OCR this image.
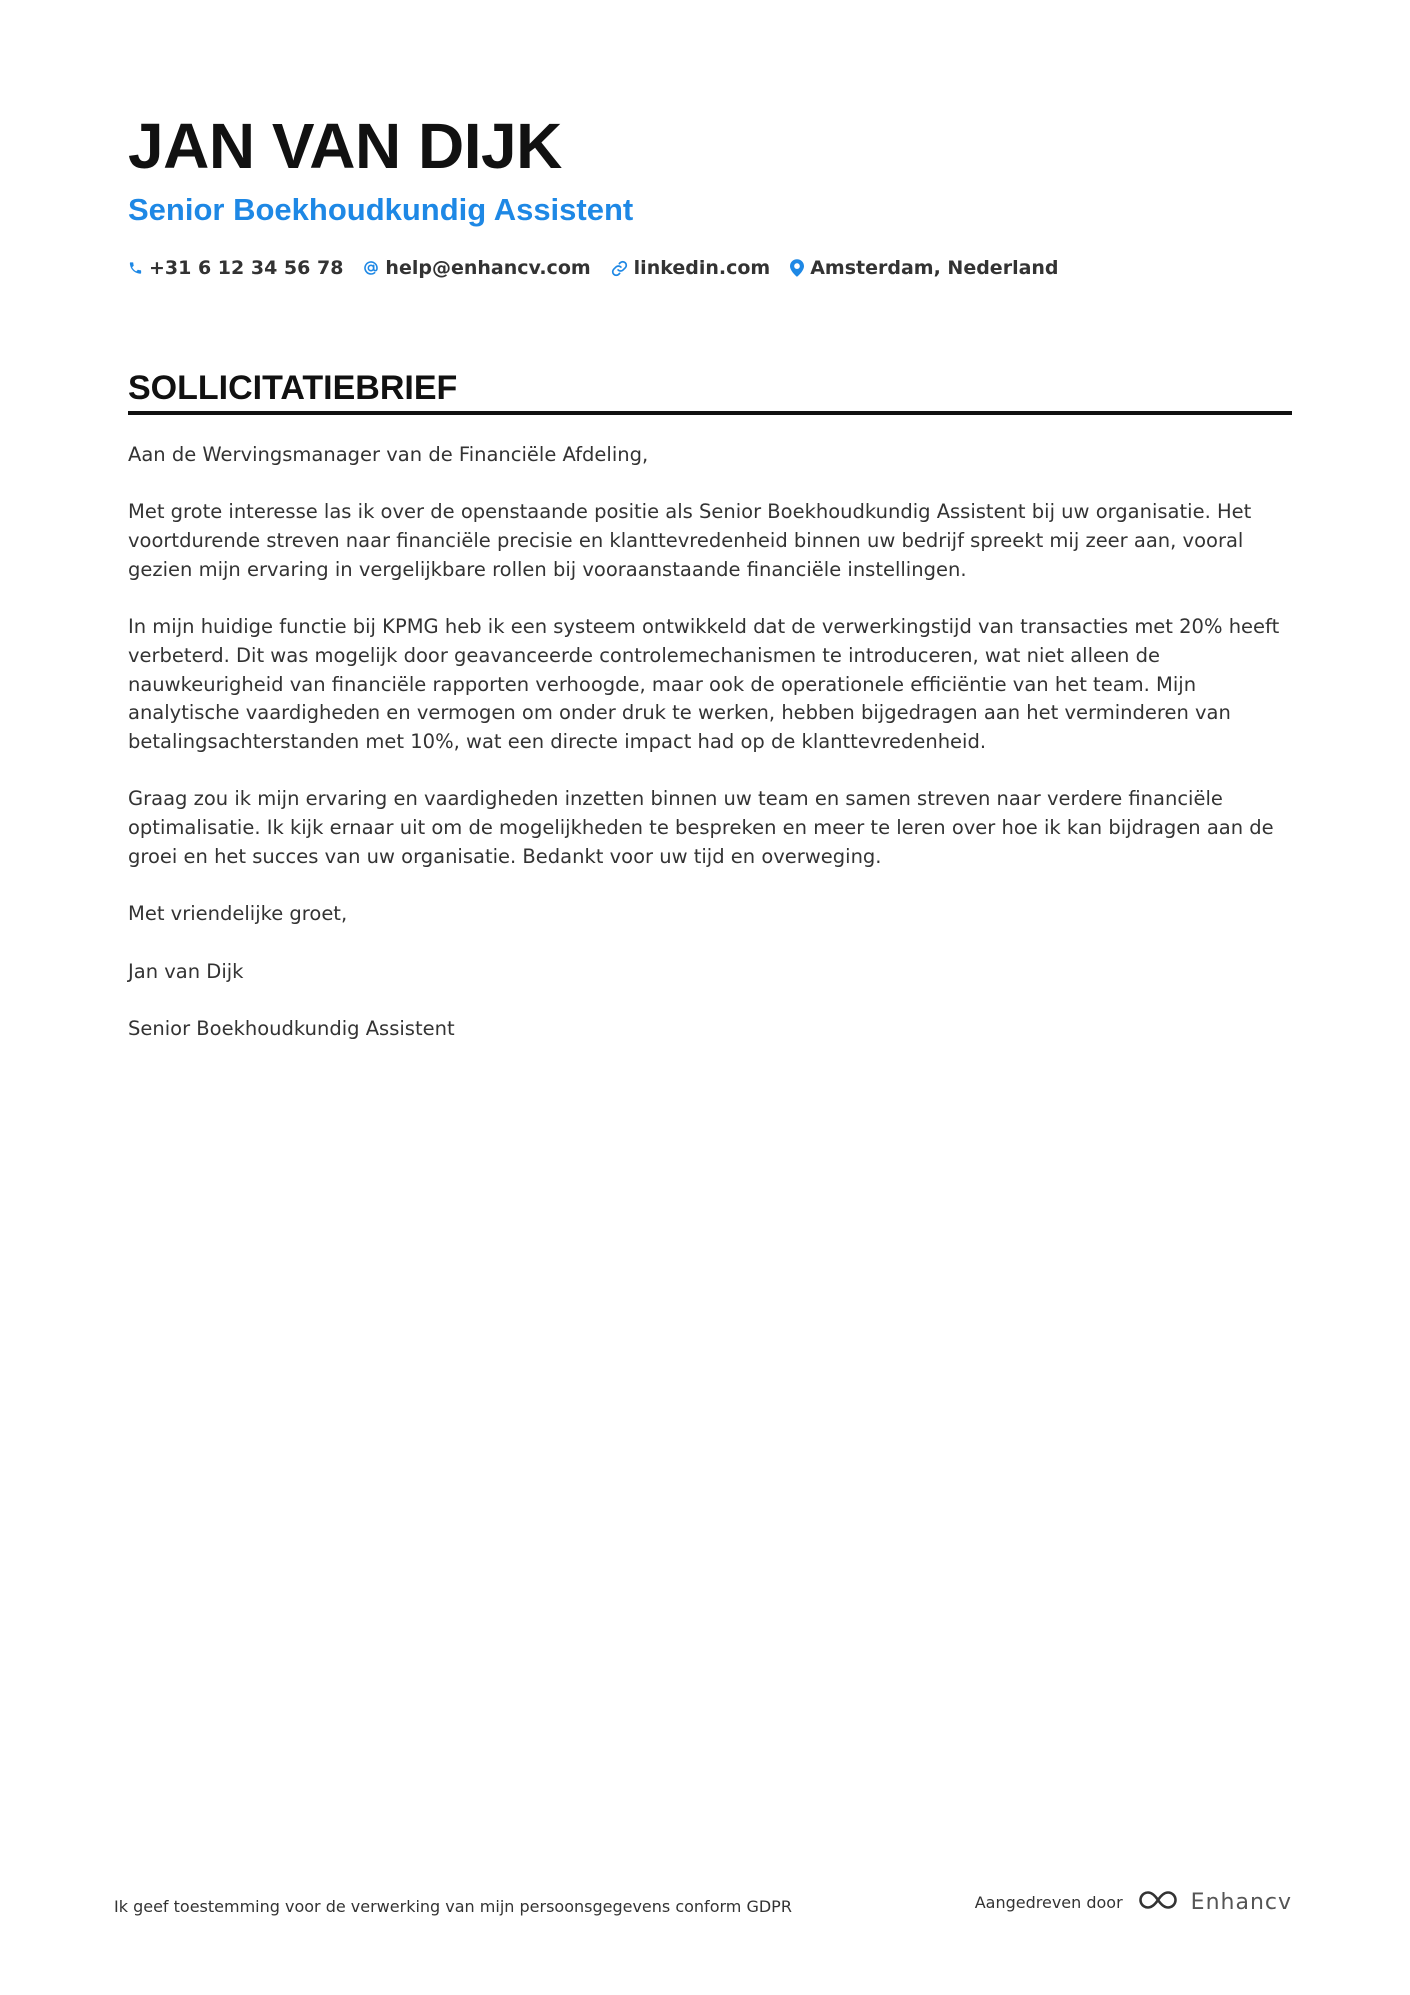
JAN VAN DIJK
Senior Boekhoudkundig Assistent
+31 6 12 34 56 78 help@enhancv.com linkedin.com Amsterdam, Nederland
SOLLICITATIEBRIEF

Aan de Wervingsmanager van de Financiële Afdeling,

Met grote interesse las ik over de openstaande positie als Senior Boekhoudkundig Assistent bij uw organisatie. Het voortdurende streven naar financiële precisie en klanttevredenheid binnen uw bedrijf spreekt mij zeer aan, vooral gezien mijn ervaring in vergelijkbare rollen bij vooraanstaande financiële instellingen.

In mijn huidige functie bij KPMG heb ik een systeem ontwikkeld dat de verwerkingstijd van transacties met 20% heeft verbeterd. Dit was mogelijk door geavanceerde controlemechanismen te introduceren, wat niet alleen de nauwkeurigheid van financiële rapporten verhoogde, maar ook de operationele efficiëntie van het team. Mijn analytische vaardigheden en vermogen om onder druk te werken, hebben bijgedragen aan het verminderen van betalingsachterstanden met 10%, wat een directe impact had op de klanttevredenheid.

Graag zou ik mijn ervaring en vaardigheden inzetten binnen uw team en samen streven naar verdere financiële optimalisatie. Ik kijk ernaar uit om de mogelijkheden te bespreken en meer te leren over hoe ik kan bijdragen aan de groei en het succes van uw organisatie. Bedankt voor uw tijd en overweging.

Met vriendelijke groet,

Jan van Dijk

Senior Boekhoudkundig Assistent

Ik geef toestemming voor de verwerking van mijn persoonsgegevens conform GDPR	Aangedreven door	Enhancv
